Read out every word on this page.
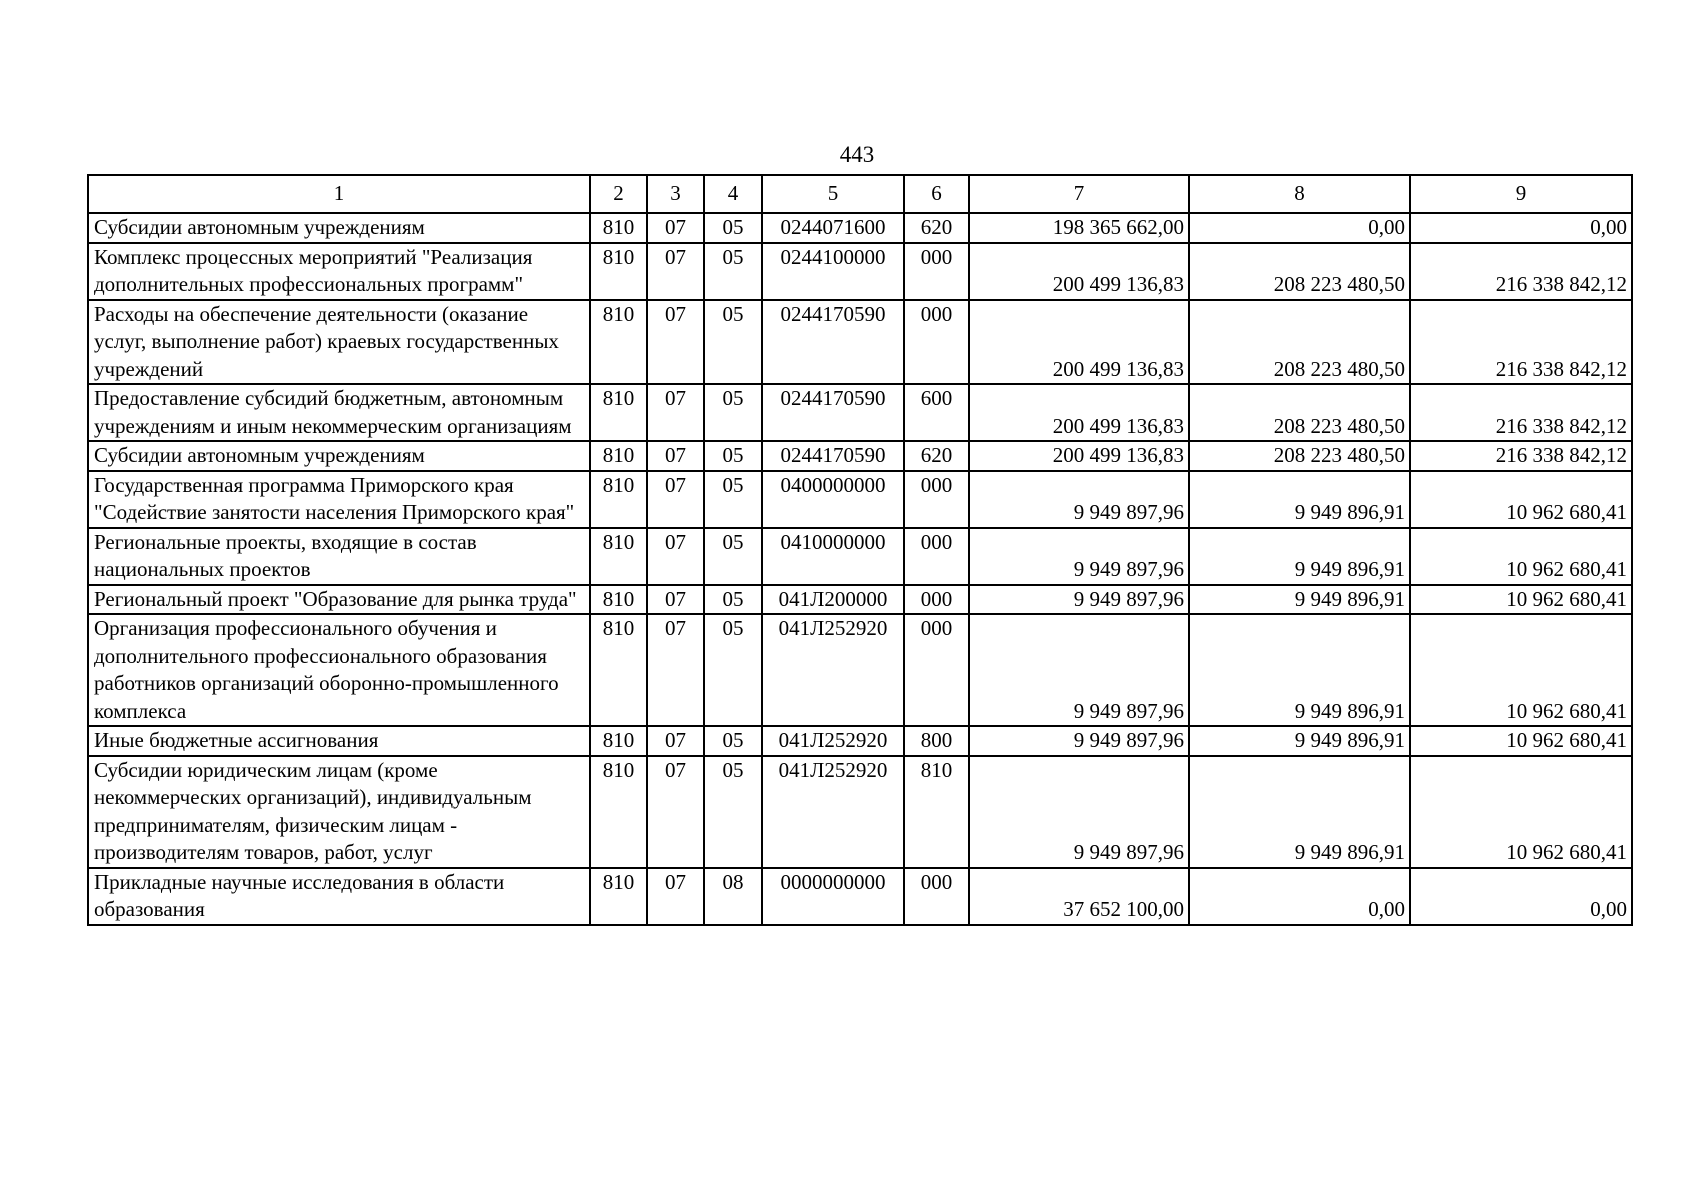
443
1	2	3	4	5	6	7	8	9
Субсидии автономным учреждениям	810	07	05	0244071600	620	198 365 662,00	0,00	0,00
Комплекс процессных мероприятий "Реализация дополнительных профессиональных программ"	810	07	05	0244100000	000	200 499 136,83	208 223 480,50	216 338 842,12
Расходы на обеспечение деятельности (оказание услуг, выполнение работ) краевых государственных учреждений	810	07	05	0244170590	000	200 499 136,83	208 223 480,50	216 338 842,12
Предоставление субсидий бюджетным, автономным учреждениям и иным некоммерческим организациям	810	07	05	0244170590	600	200 499 136,83	208 223 480,50	216 338 842,12
Субсидии автономным учреждениям	810	07	05	0244170590	620	200 499 136,83	208 223 480,50	216 338 842,12
Государственная программа Приморского края "Содействие занятости населения Приморского края"	810	07	05	0400000000	000	9 949 897,96	9 949 896,91	10 962 680,41
Региональные проекты, входящие в состав национальных проектов	810	07	05	0410000000	000	9 949 897,96	9 949 896,91	10 962 680,41
Региональный проект "Образование для рынка труда"	810	07	05	041Л200000	000	9 949 897,96	9 949 896,91	10 962 680,41
Организация профессионального обучения и дополнительного профессионального образования работников организаций оборонно-промышленного комплекса	810	07	05	041Л252920	000	9 949 897,96	9 949 896,91	10 962 680,41
Иные бюджетные ассигнования	810	07	05	041Л252920	800	9 949 897,96	9 949 896,91	10 962 680,41
Субсидии юридическим лицам (кроме некоммерческих организаций), индивидуальным предпринимателям, физическим лицам - производителям товаров, работ, услуг	810	07	05	041Л252920	810	9 949 897,96	9 949 896,91	10 962 680,41
Прикладные научные исследования в области образования	810	07	08	0000000000	000	37 652 100,00	0,00	0,00
